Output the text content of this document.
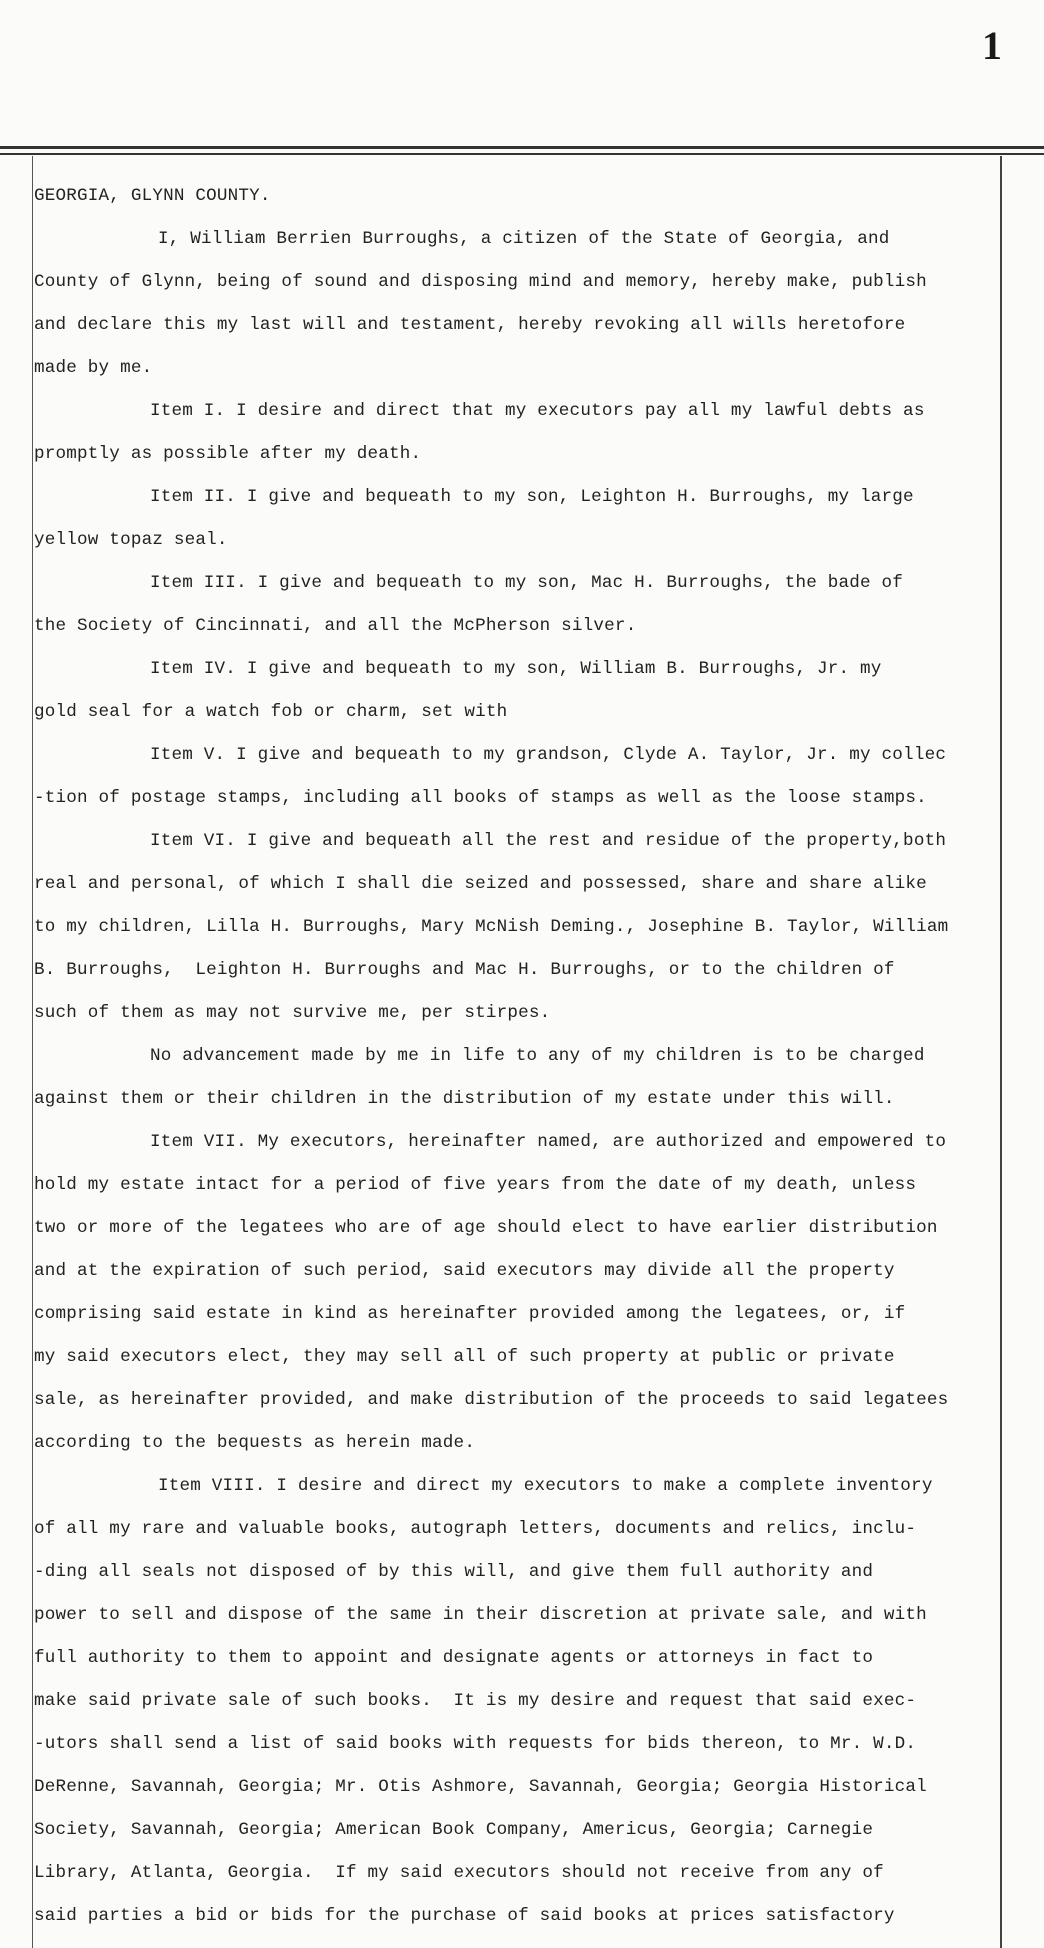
1
GEORGIA, GLYNN COUNTY.
I, William Berrien Burroughs, a citizen of the State of Georgia, and
County of Glynn, being of sound and disposing mind and memory, hereby make, publish
and declare this my last will and testament, hereby revoking all wills heretofore
made by me.
Item I. I desire and direct that my executors pay all my lawful debts as
promptly as possible after my death.
Item II. I give and bequeath to my son, Leighton H. Burroughs, my large
yellow topaz seal.
Item III. I give and bequeath to my son, Mac H. Burroughs, the bade of
the Society of Cincinnati, and all the McPherson silver.
Item IV. I give and bequeath to my son, William B. Burroughs, Jr. my
gold seal for a watch fob or charm, set with
Item V. I give and bequeath to my grandson, Clyde A. Taylor, Jr. my collec
-tion of postage stamps, including all books of stamps as well as the loose stamps.
Item VI. I give and bequeath all the rest and residue of the property,both
real and personal, of which I shall die seized and possessed, share and share alike
to my children, Lilla H. Burroughs, Mary McNish Deming., Josephine B. Taylor, William
B. Burroughs,  Leighton H. Burroughs and Mac H. Burroughs, or to the children of
such of them as may not survive me, per stirpes.
No advancement made by me in life to any of my children is to be charged
against them or their children in the distribution of my estate under this will.
Item VII. My executors, hereinafter named, are authorized and empowered to
hold my estate intact for a period of five years from the date of my death, unless
two or more of the legatees who are of age should elect to have earlier distribution
and at the expiration of such period, said executors may divide all the property
comprising said estate in kind as hereinafter provided among the legatees, or, if
my said executors elect, they may sell all of such property at public or private
sale, as hereinafter provided, and make distribution of the proceeds to said legatees
according to the bequests as herein made.
Item VIII. I desire and direct my executors to make a complete inventory
of all my rare and valuable books, autograph letters, documents and relics, inclu-
-ding all seals not disposed of by this will, and give them full authority and
power to sell and dispose of the same in their discretion at private sale, and with
full authority to them to appoint and designate agents or attorneys in fact to
make said private sale of such books.  It is my desire and request that said exec-
-utors shall send a list of said books with requests for bids thereon, to Mr. W.D.
DeRenne, Savannah, Georgia; Mr. Otis Ashmore, Savannah, Georgia; Georgia Historical
Society, Savannah, Georgia; American Book Company, Americus, Georgia; Carnegie
Library, Atlanta, Georgia.  If my said executors should not receive from any of
said parties a bid or bids for the purchase of said books at prices satisfactory
